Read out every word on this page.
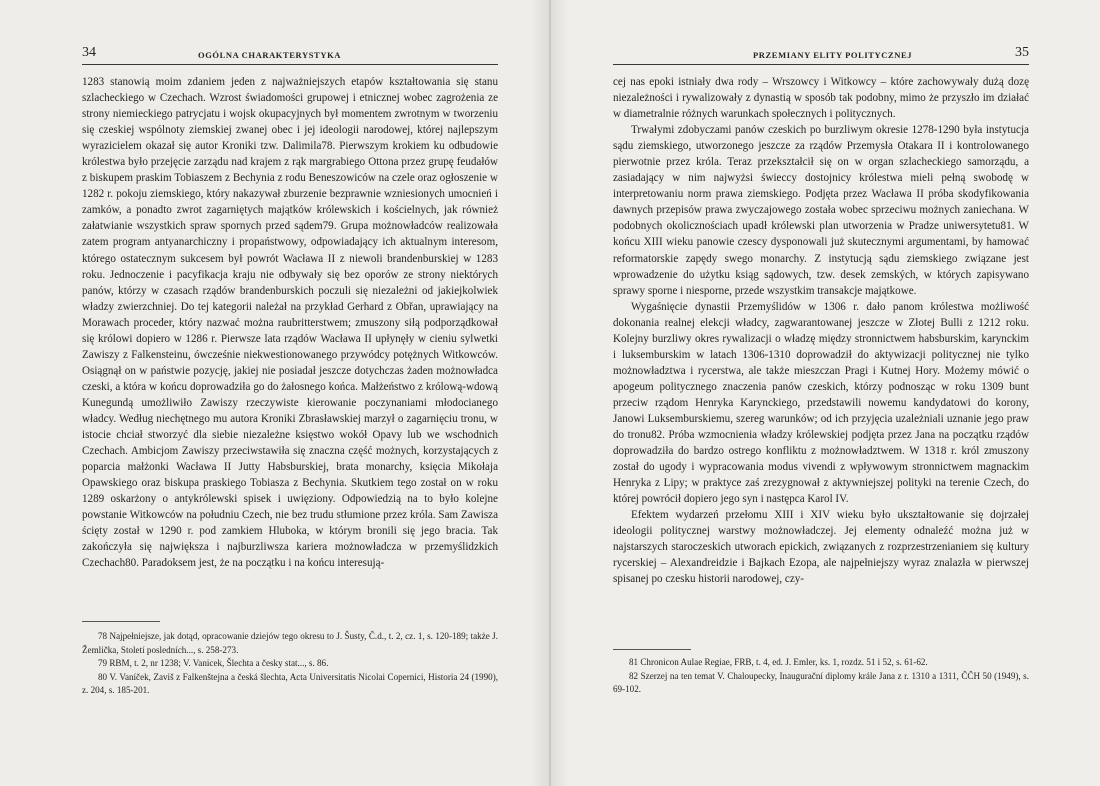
34	OGÓLNA CHARAKTERYSTYKA

1283 stanowią moim zdaniem jeden z najważniejszych etapów kształtowania się stanu szlacheckiego w Czechach. Wzrost świadomości grupowej i etnicznej wobec zagrożenia ze strony niemieckiego patrycjatu i wojsk okupacyjnych był momentem zwrotnym w tworzeniu się czeskiej wspólnoty ziemskiej zwanej obec i jej ideologii narodowej, której najlepszym wyrazicielem okazał się autor Kroniki tzw. Dalimila78. Pierwszym krokiem ku odbudowie królestwa było przejęcie zarządu nad krajem z rąk margrabiego Ottona przez grupę feudałów z biskupem praskim Tobiaszem z Bechynia z rodu Beneszowiców na czele oraz ogłoszenie w 1282 r. pokoju ziemskiego, który nakazywał zburzenie bezprawnie wzniesionych umocnień i zamków, a ponadto zwrot zagarniętych majątków królewskich i kościelnych, jak również załatwianie wszystkich spraw spornych przed sądem79. Grupa możnowładców realizowała zatem program antyanarchiczny i propaństwowy, odpowiadający ich aktualnym interesom, którego ostatecznym sukcesem był powrót Wacława II z niewoli brandenburskiej w 1283 roku. Jednoczenie i pacyfikacja kraju nie odbywały się bez oporów ze strony niektórych panów, którzy w czasach rządów brandenburskich poczuli się niezależni od jakiejkolwiek władzy zwierzchniej. Do tej kategorii należał na przykład Gerhard z Obřan, uprawiający na Morawach proceder, który nazwać można raubritterstwem; zmuszony siłą podporządkował się królowi dopiero w 1286 r. Pierwsze lata rządów Wacława II upłynęły w cieniu sylwetki Zawiszy z Falkensteinu, ówcześnie niekwestionowanego przywódcy potężnych Witkowców. Osiągnął on w państwie pozycję, jakiej nie posiadał jeszcze dotychczas żaden możnowładca czeski, a która w końcu doprowadziła go do żałosnego końca. Małżeństwo z królową-wdową Kunegundą umożliwiło Zawiszy rzeczywiste kierowanie poczynaniami młodocianego władcy. Według niechętnego mu autora Kroniki Zbrasławskiej marzył o zagarnięciu tronu, w istocie chciał stworzyć dla siebie niezależne księstwo wokół Opavy lub we wschodnich Czechach. Ambicjom Zawiszy przeciwstawiła się znaczna część możnych, korzystających z poparcia małżonki Wacława II Jutty Habsburskiej, brata monarchy, księcia Mikołaja Opawskiego oraz biskupa praskiego Tobiasza z Bechynia. Skutkiem tego został on w roku 1289 oskarżony o antykrólewski spisek i uwięziony. Odpowiedzią na to było kolejne powstanie Witkowców na południu Czech, nie bez trudu stłumione przez króla. Sam Zawisza ścięty został w 1290 r. pod zamkiem Hluboka, w którym bronili się jego bracia. Tak zakończyła się największa i najburzliwsza kariera możnowładcza w przemyślidzkich Czechach80. Paradoksem jest, że na początku i na końcu interesują-

78 Najpełniejsze, jak dotąd, opracowanie dziejów tego okresu to J. Šusty, Č.d., t. 2, cz. 1, s. 120-189; także J. Žemlička, Století posledních..., s. 258-273.

79 RBM, t. 2, nr 1238; V. Vanicek, Šlechta a česky stat..., s. 86.

80 V. Vaníček, Zaviš z Falkenštejna a česká šlechta, Acta Universitatis Nicolai Copernici, Historia 24 (1990), z. 204, s. 185-201.

PRZEMIANY ELITY POLITYCZNEJ	35

cej nas epoki istniały dwa rody – Wrszowcy i Witkowcy – które zachowywały dużą dozę niezależności i rywalizowały z dynastią w sposób tak podobny, mimo że przyszło im działać w diametralnie różnych warunkach społecznych i politycznych.

Trwałymi zdobyczami panów czeskich po burzliwym okresie 1278-1290 była instytucja sądu ziemskiego, utworzonego jeszcze za rządów Przemysła Otakara II i kontrolowanego pierwotnie przez króla. Teraz przekształcił się on w organ szlacheckiego samorządu, a zasiadający w nim najwyżsi świeccy dostojnicy królestwa mieli pełną swobodę w interpretowaniu norm prawa ziemskiego. Podjęta przez Wacława II próba skodyfikowania dawnych przepisów prawa zwyczajowego została wobec sprzeciwu możnych zaniechana. W podobnych okolicznościach upadł królewski plan utworzenia w Pradze uniwersytetu81. W końcu XIII wieku panowie czescy dysponowali już skutecznymi argumentami, by hamować reformatorskie zapędy swego monarchy. Z instytucją sądu ziemskiego związane jest wprowadzenie do użytku ksiąg sądowych, tzw. desek zemských, w których zapisywano sprawy sporne i niesporne, przede wszystkim transakcje majątkowe.

Wygaśnięcie dynastii Przemyślidów w 1306 r. dało panom królestwa możliwość dokonania realnej elekcji władcy, zagwarantowanej jeszcze w Złotej Bulli z 1212 roku. Kolejny burzliwy okres rywalizacji o władzę między stronnictwem habsburskim, karynckim i luksemburskim w latach 1306-1310 doprowadził do aktywizacji politycznej nie tylko możnowładztwa i rycerstwa, ale także mieszczan Pragi i Kutnej Hory. Możemy mówić o apogeum politycznego znaczenia panów czeskich, którzy podnosząc w roku 1309 bunt przeciw rządom Henryka Karynckiego, przedstawili nowemu kandydatowi do korony, Janowi Luksemburskiemu, szereg warunków; od ich przyjęcia uzależniali uznanie jego praw do tronu82. Próba wzmocnienia władzy królewskiej podjęta przez Jana na początku rządów doprowadziła do bardzo ostrego konfliktu z możnowładztwem. W 1318 r. król zmuszony został do ugody i wypracowania modus vivendi z wpływowym stronnictwem magnackim Henryka z Lipy; w praktyce zaś zrezygnował z aktywniejszej polityki na terenie Czech, do której powrócił dopiero jego syn i następca Karol IV.

Efektem wydarzeń przełomu XIII i XIV wieku było ukształtowanie się dojrzałej ideologii politycznej warstwy możnowładczej. Jej elementy odnaleźć można już w najstarszych staroczeskich utworach epickich, związanych z rozprzestrzenianiem się kultury rycerskiej – Alexandreidzie i Bajkach Ezopa, ale najpełniejszy wyraz znalazła w pierwszej spisanej po czesku historii narodowej, czy-

81 Chronicon Aulae Regiae, FRB, t. 4, ed. J. Emler, ks. 1, rozdz. 51 i 52, s. 61-62.

82 Szerzej na ten temat V. Chaloupecky, Inaugurační diplomy krále Jana z r. 1310 a 1311, ČČH 50 (1949), s. 69-102.
